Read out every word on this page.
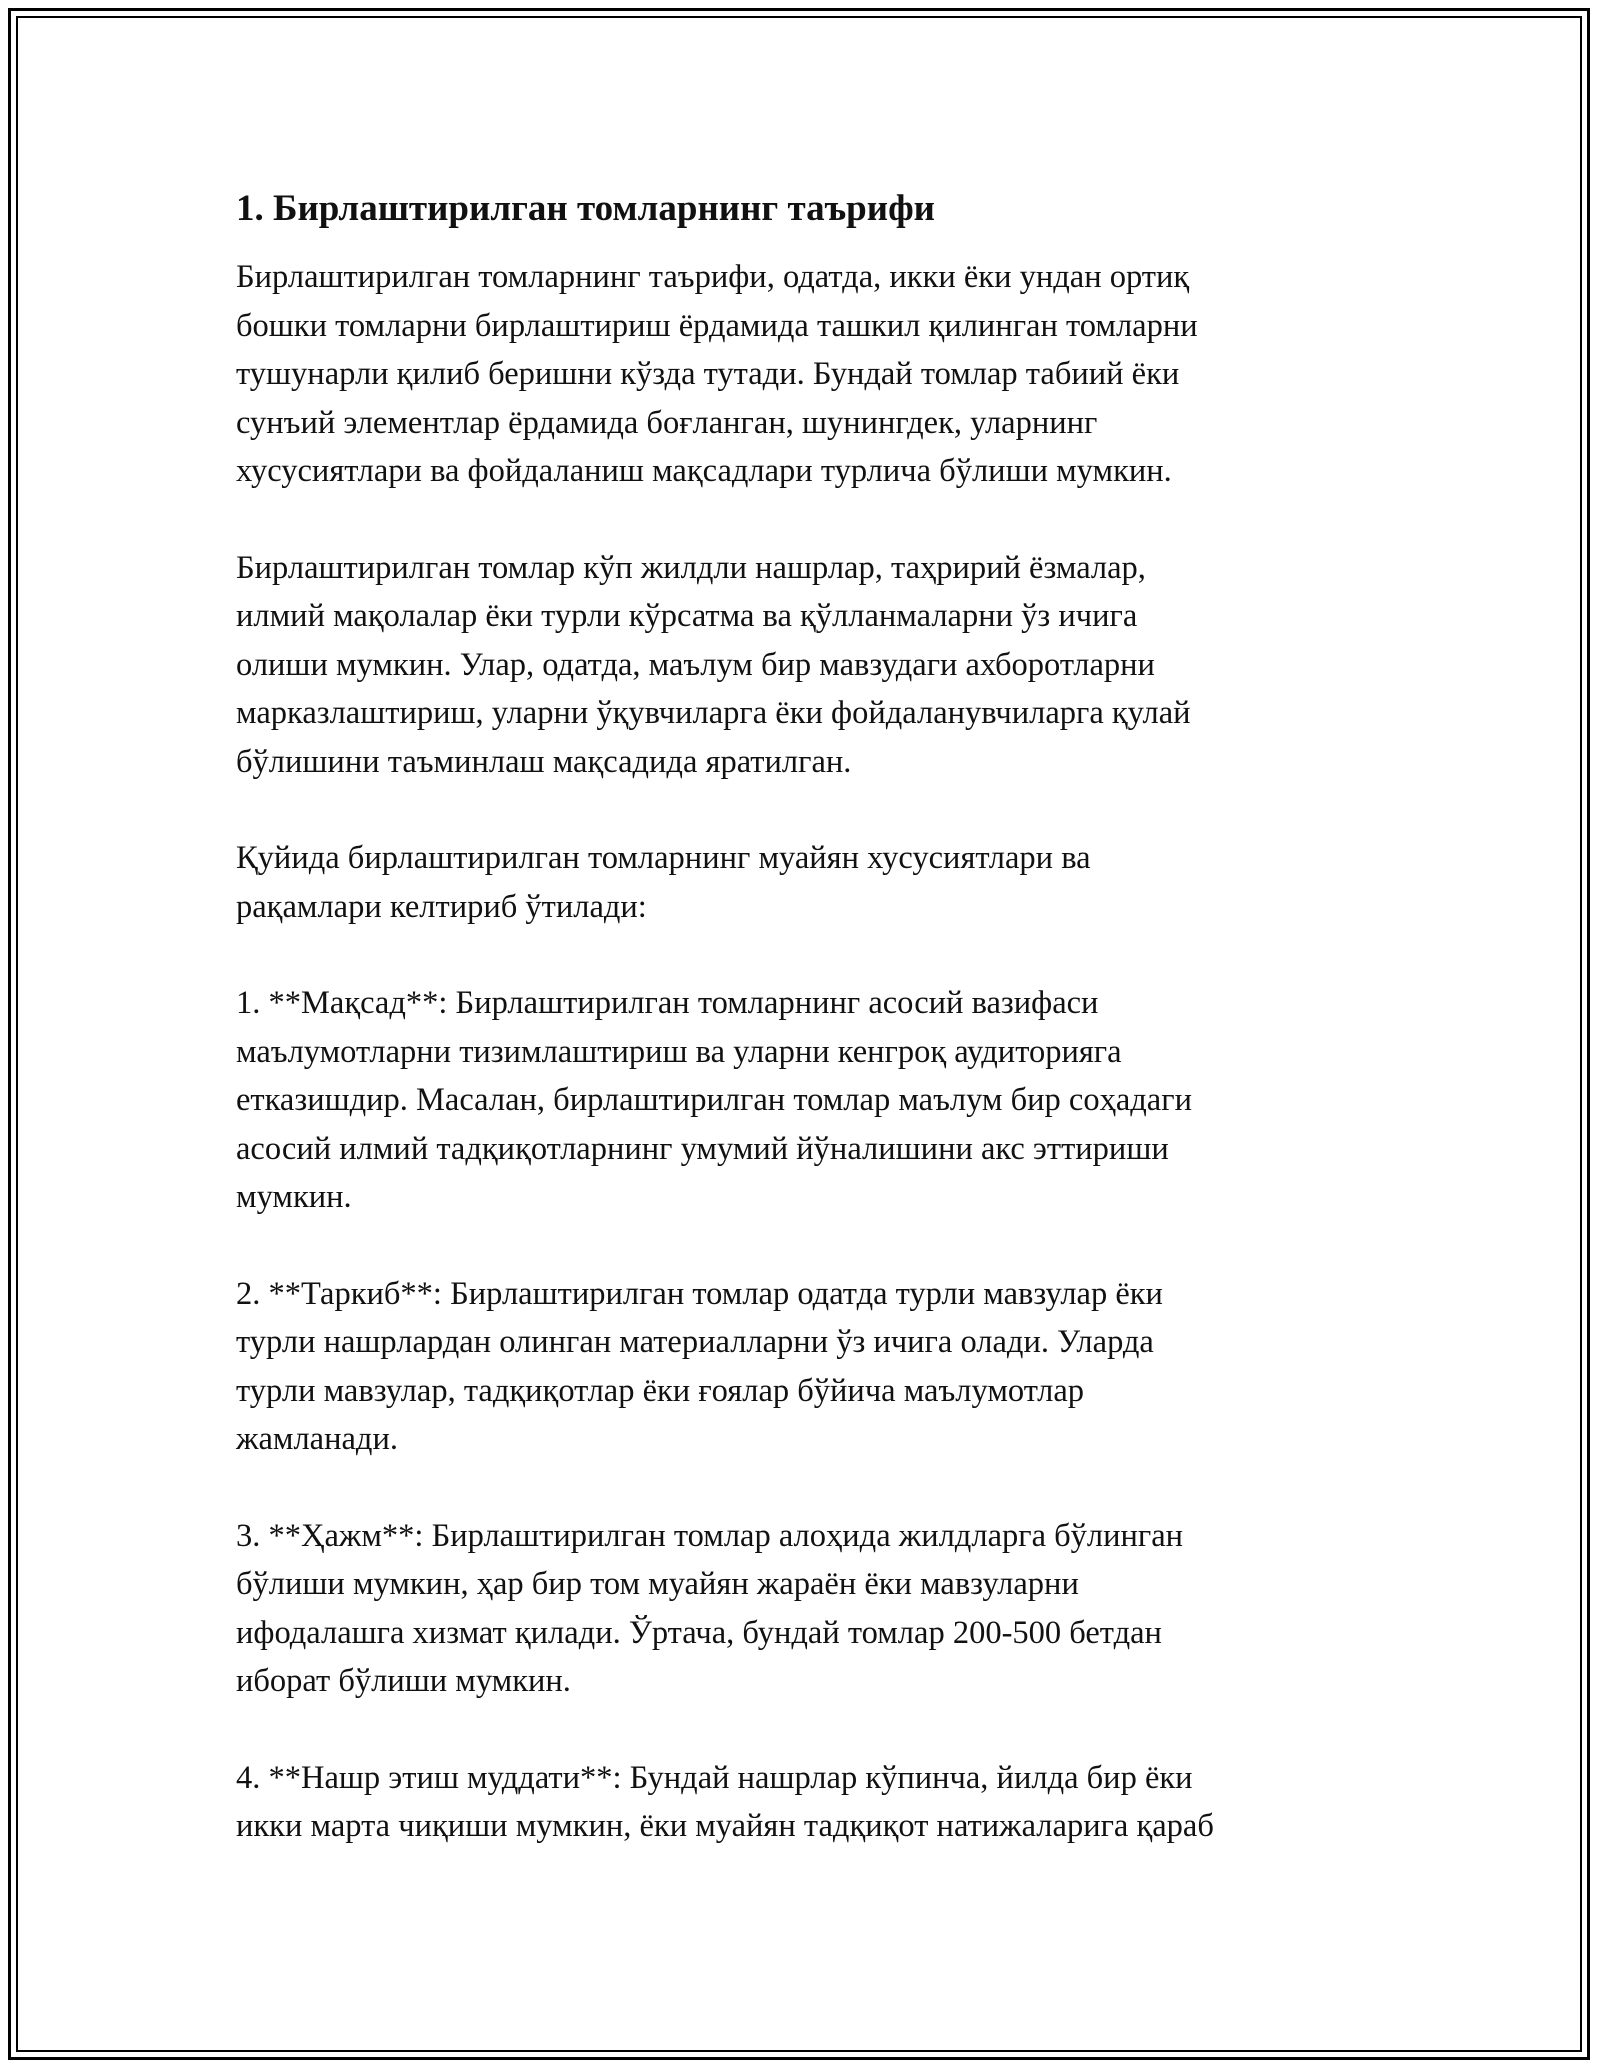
1. Бирлаштирилган томларнинг таърифи

Бирлаштирилган томларнинг таърифи, одатда, икки ёки ундан ортиқ
бошки томларни бирлаштириш ёрдамида ташкил қилинган томларни
тушунарли қилиб беришни кўзда тутади. Бундай томлар табиий ёки
сунъий элементлар ёрдамида боғланган, шунингдек, уларнинг
хусусиятлари ва фойдаланиш мақсадлари турлича бўлиши мумкин.

Бирлаштирилган томлар кўп жилдли нашрлар, таҳририй ёзмалар,
илмий мақолалар ёки турли кўрсатма ва қўлланмаларни ўз ичига
олиши мумкин. Улар, одатда, маълум бир мавзудаги ахборотларни
марказлаштириш, уларни ўқувчиларга ёки фойдаланувчиларга қулай
бўлишини таъминлаш мақсадида яратилган.

Қуйида бирлаштирилган томларнинг муайян хусусиятлари ва
рақамлари келтириб ўтилади:

1. **Мақсад**: Бирлаштирилган томларнинг асосий вазифаси
маълумотларни тизимлаштириш ва уларни кенгроқ аудиторияга
етказишдир. Масалан, бирлаштирилган томлар маълум бир соҳадаги
асосий илмий тадқиқотларнинг умумий йўналишини акс эттириши
мумкин.

2. **Таркиб**: Бирлаштирилган томлар одатда турли мавзулар ёки
турли нашрлардан олинган материалларни ўз ичига олади. Уларда
турли мавзулар, тадқиқотлар ёки ғоялар бўйича маълумотлар
жамланади.

3. **Ҳажм**: Бирлаштирилган томлар алоҳида жилдларга бўлинган
бўлиши мумкин, ҳар бир том муайян жараён ёки мавзуларни
ифодалашга хизмат қилади. Ўртача, бундай томлар 200-500 бетдан
иборат бўлиши мумкин.

4. **Нашр этиш муддати**: Бундай нашрлар кўпинча, йилда бир ёки
икки марта чиқиши мумкин, ёки муайян тадқиқот натижаларига қараб
